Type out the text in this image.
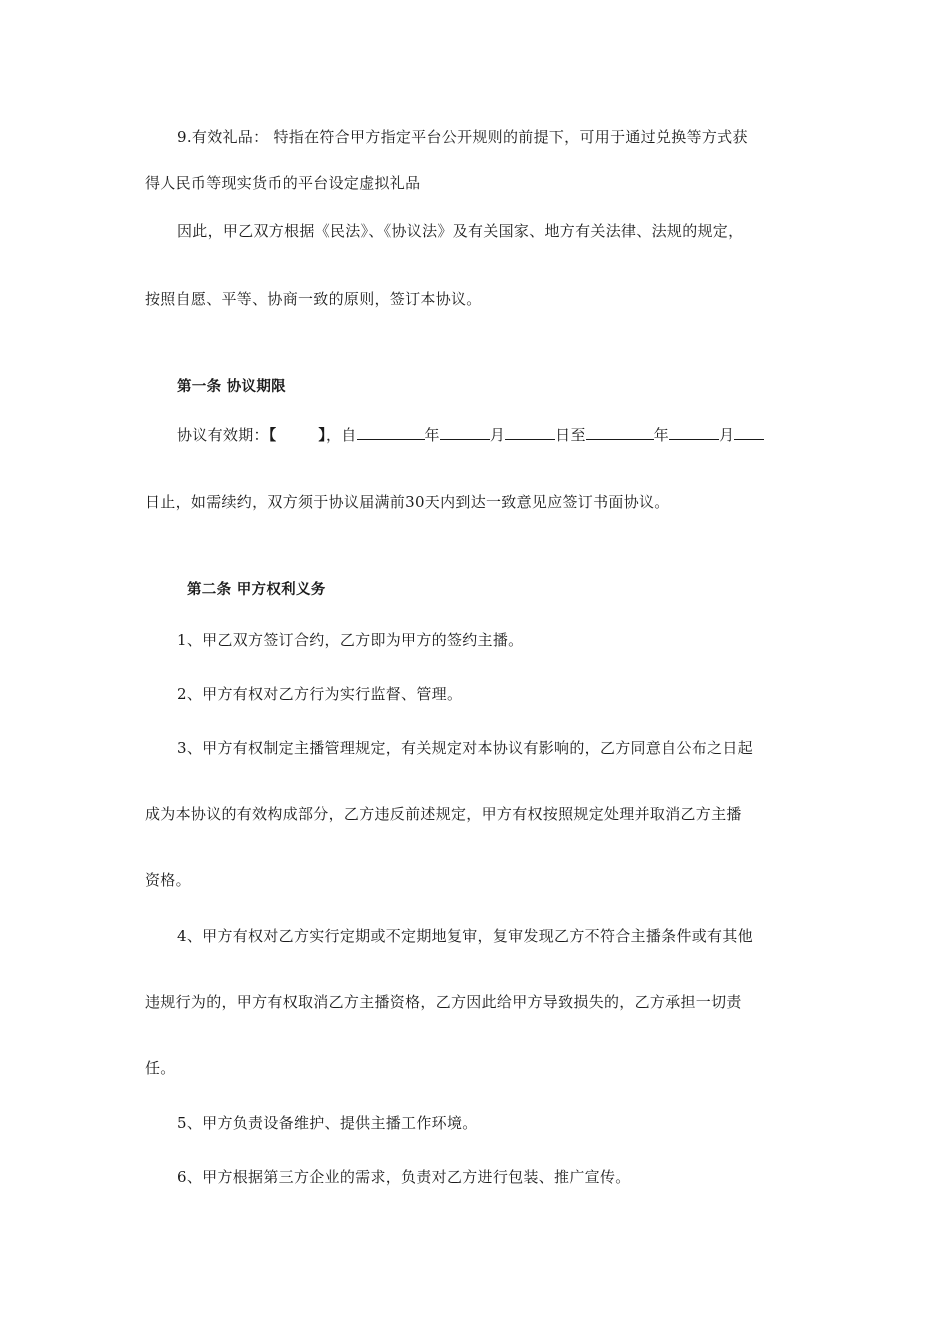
9.有效礼品： 特指在符合甲方指定平台公开规则的前提下，可用于通过兑换等方式获
得人民币等现实货币的平台设定虚拟礼品
因此，甲乙双方根据《民法》、《协议法》及有关国家、地方有关法律、法规的规定，
按照自愿、平等、协商一致的原则，签订本协议。
第一条 协议期限
协议有效期：【	】，自	年	月	日至	年	月
日止，如需续约，双方须于协议届满前30天内到达一致意见应签订书面协议。
第二条 甲方权利义务
1、甲乙双方签订合约，乙方即为甲方的签约主播。
2、甲方有权对乙方行为实行监督、管理。
3、甲方有权制定主播管理规定，有关规定对本协议有影响的，乙方同意自公布之日起
成为本协议的有效构成部分，乙方违反前述规定，甲方有权按照规定处理并取消乙方主播
资格。
4、甲方有权对乙方实行定期或不定期地复审，复审发现乙方不符合主播条件或有其他
违规行为的，甲方有权取消乙方主播资格，乙方因此给甲方导致损失的，乙方承担一切责
任。
5、甲方负责设备维护、提供主播工作环境。
6、甲方根据第三方企业的需求，负责对乙方进行包装、推广宣传。
